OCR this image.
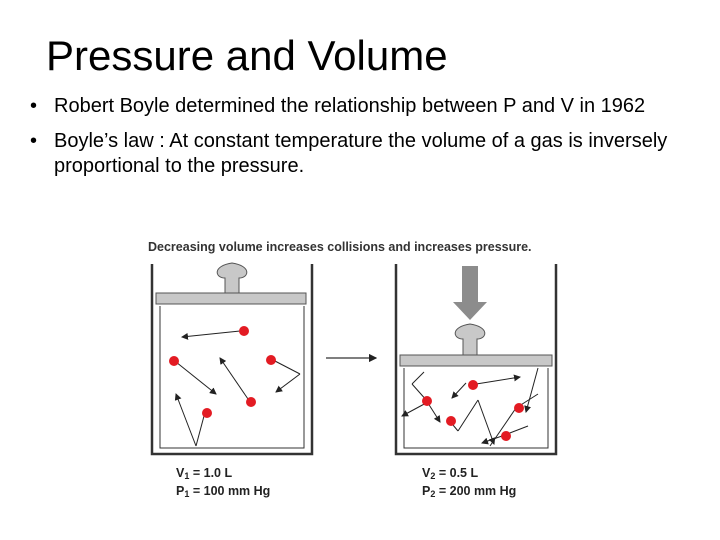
Pressure and Volume
• Robert Boyle determined the relationship between P and V in 1962
• Boyle’s law : At constant temperature the volume of a gas is inversely proportional to the pressure.
Decreasing volume increases collisions and increases pressure.
$V_1 = 1.0$ L
$P_1 = 100$ mm Hg
$V_2 = 0.5$ L
$P_2 = 200$ mm Hg
